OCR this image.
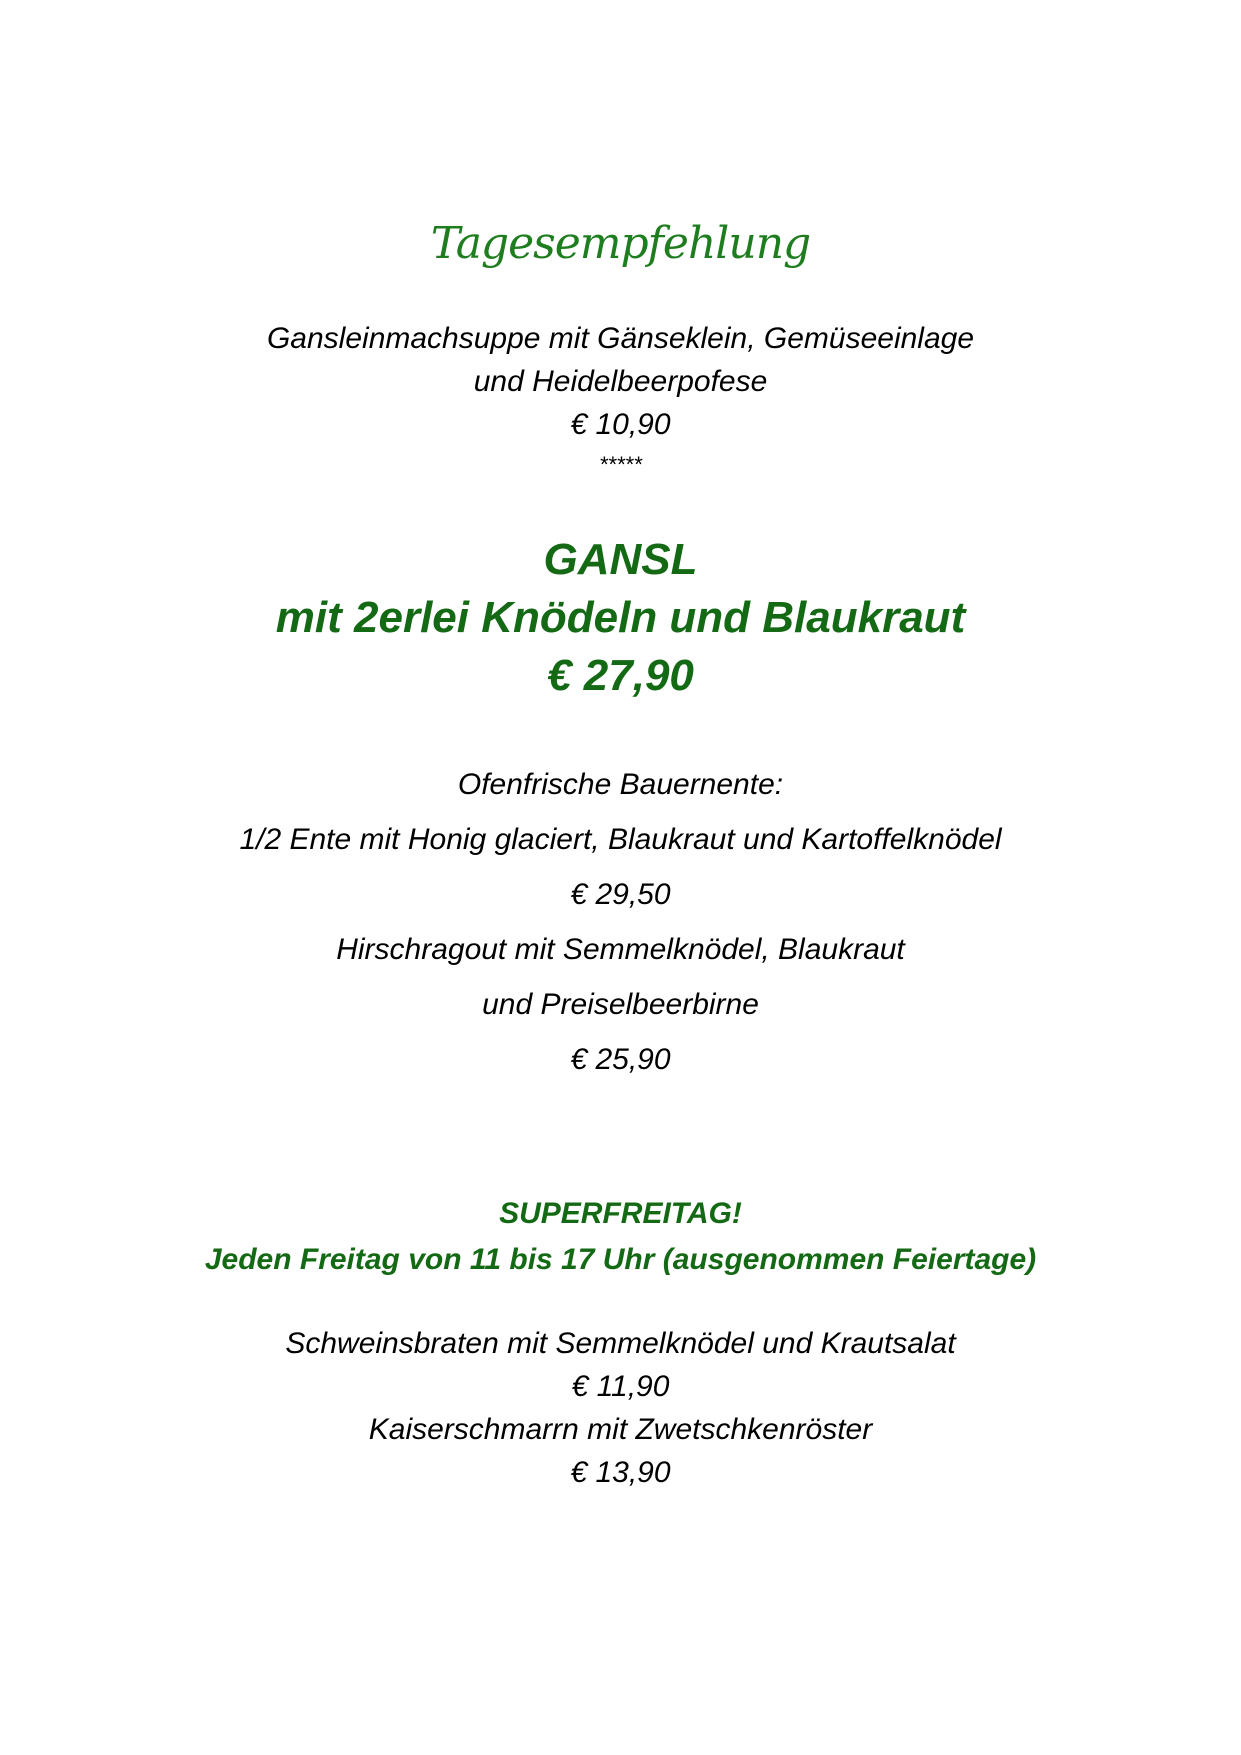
Tagesempfehlung
Gansleinmachsuppe mit Gänseklein, Gemüseeinlage
und Heidelbeerpofese
€ 10,90
*****
GANSL
mit 2erlei Knödeln und Blaukraut
€ 27,90
Ofenfrische Bauernente:
1/2 Ente mit Honig glaciert, Blaukraut und Kartoffelknödel
€ 29,50
Hirschragout mit Semmelknödel, Blaukraut
und Preiselbeerbirne
€ 25,90
SUPERFREITAG!
Jeden Freitag von 11 bis 17 Uhr (ausgenommen Feiertage)
Schweinsbraten mit Semmelknödel und Krautsalat
€ 11,90
Kaiserschmarrn mit Zwetschkenröster
€ 13,90
